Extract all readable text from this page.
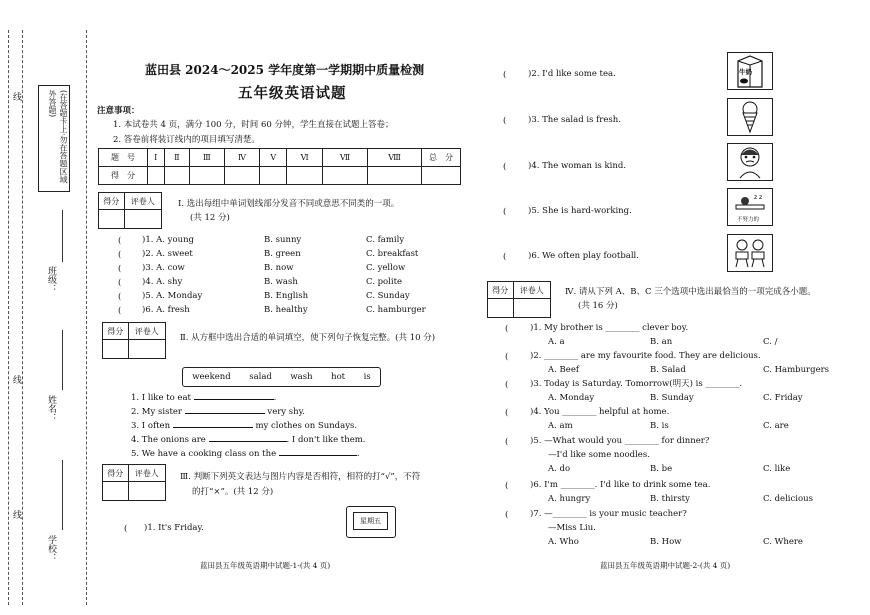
(在答题卡上·勿在答题区域外答题)
线
线
线
班级：
姓名：
学校：
蓝田县 2024～2025 学年度第一学期期中质量检测
五年级英语试题
注意事项：
1. 本试卷共 4 页，满分 100 分，时间 60 分钟，学生直接在试题上答卷；
2. 答卷前将装订线内的项目填写清楚。
题　号	Ⅰ	Ⅱ	Ⅲ	Ⅳ	Ⅴ	Ⅵ	Ⅶ	Ⅷ	总　分
得　分									
得分	评卷人
		Ⅰ. 选出每组中单词划线部分发音不同或意思不同类的一项。
(共 12 分)
( )1. A. young	B. sunny	C. family
( )2. A. sweet	B. green	C. breakfast
( )3. A. cow	B. now	C. yellow
( )4. A. shy	B. wash	C. polite
( )5. A. Monday	B. English	C. Sunday
( )6. A. fresh	B. healthy	C. hamburger
得分	评卷人

Ⅱ. 从方框中选出合适的单词填空，使下列句子恢复完整。(共 10 分)
weekend salad wash hot is
1. I like to eat	.
2. My sister	very shy.
3. I often	my clothes on Sundays.
4. The onions are	. I don't like them.
5. We have a cooking class on the	.
得分	评卷人
		Ⅲ. 判断下列英文表达与图片内容是否相符，相符的打“√”，不符
的打“×”。(共 12 分)
( )1. It's Friday.
星期五
蓝田县五年级英语期中试题-1-(共 4 页)
(	)2. I'd like some tea.	牛奶
(	)3. The salad is fresh.
(	)4. The woman is kind.
(	)5. She is hard-working.
z z
不努力的
(	)6. We often play football.
得分	评卷人
		Ⅳ. 请从下列 A、B、C 三个选项中选出最恰当的一项完成各小题。
(共 16 分)
(	)1. My brother is ________ clever boy.
A. a	B. an	C. /
(	)2. ________ are my favourite food. They are delicious.
A. Beef	B. Salad	C. Hamburgers
(	)3. Today is Saturday. Tomorrow(明天) is ________.
A. Monday	B. Sunday	C. Friday
(	)4. You ________ helpful at home.
A. am	B. is	C. are
(	)5. —What would you ________ for dinner?
—I'd like some noodles.
A. do	B. be	C. like
(	)6. I'm ________. I'd like to drink some tea.
A. hungry	B. thirsty	C. delicious
(	)7. —________ is your music teacher?
—Miss Liu.
A. Who	B. How	C. Where
蓝田县五年级英语期中试题-2-(共 4 页)
